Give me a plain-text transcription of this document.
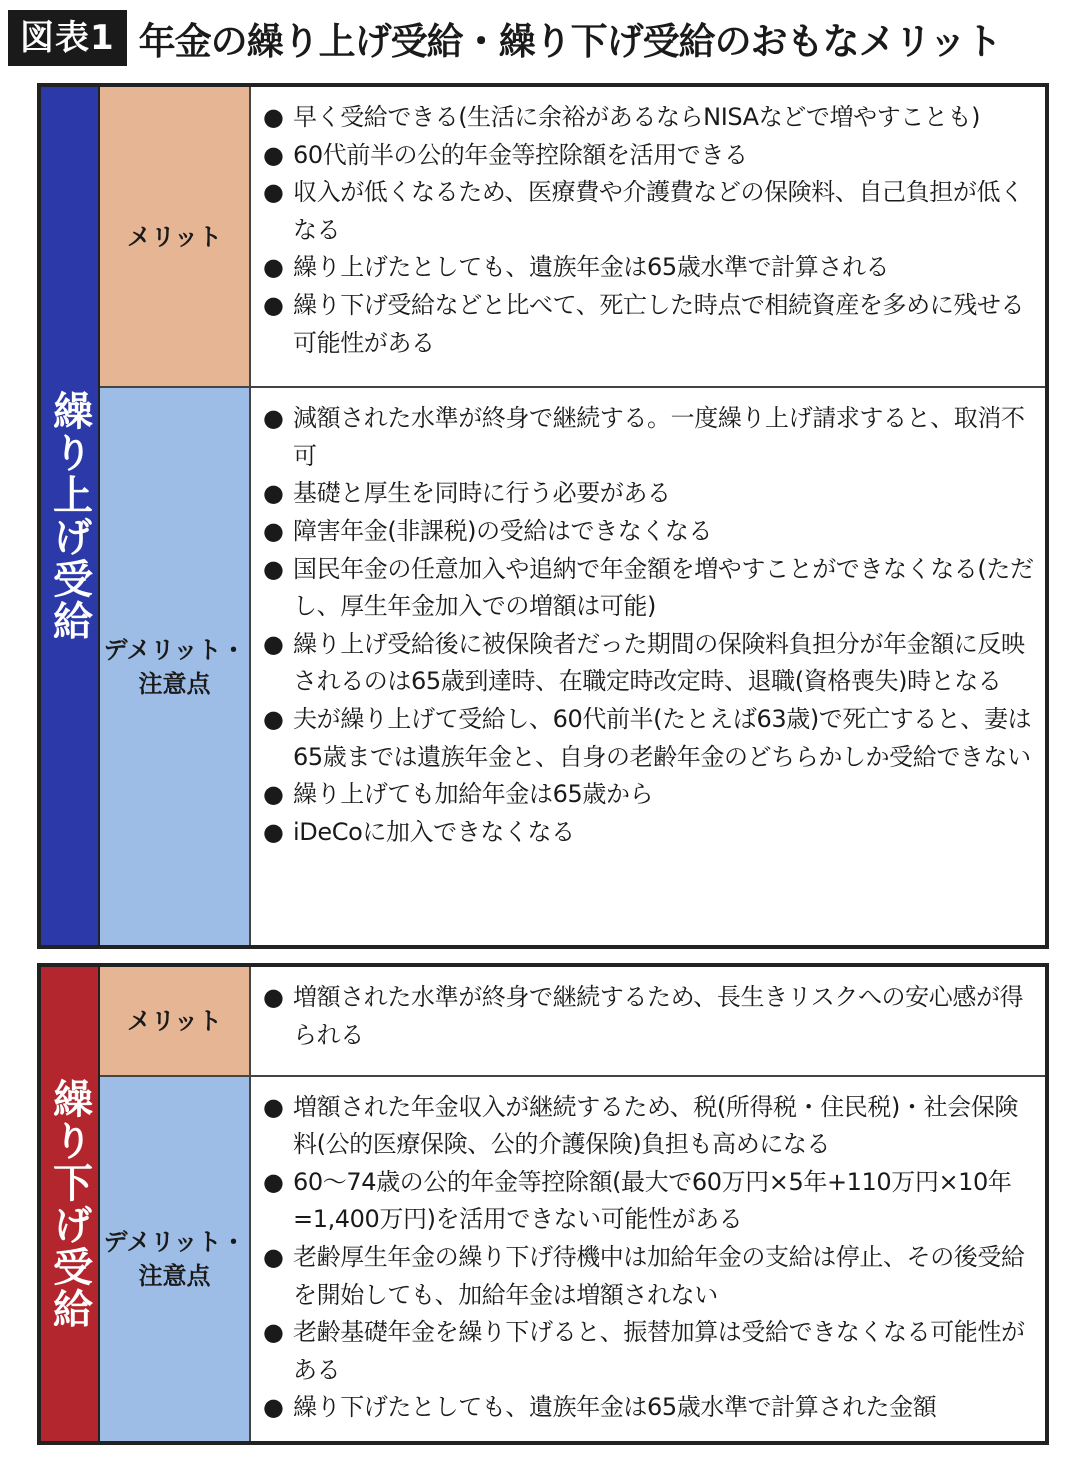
図表1 年金の繰り上げ受給・繰り下げ受給のおもなメリット
繰り上げ受給
メリット
● 早く受給できる(生活に余裕があるならNISAなどで増やすことも)
● 60代前半の公的年金等控除額を活用できる
● 収入が低くなるため、医療費や介護費などの保険料、自己負担が低くなる
● 繰り上げたとしても、遺族年金は65歳水準で計算される
● 繰り下げ受給などと比べて、死亡した時点で相続資産を多めに残せる可能性がある
デメリット・
注意点
● 減額された水準が終身で継続する。一度繰り上げ請求すると、取消不可
● 基礎と厚生を同時に行う必要がある
● 障害年金(非課税)の受給はできなくなる
● 国民年金の任意加入や追納で年金額を増やすことができなくなる(ただし、厚生年金加入での増額は可能)
● 繰り上げ受給後に被保険者だった期間の保険料負担分が年金額に反映されるのは65歳到達時、在職定時改定時、退職(資格喪失)時となる
● 夫が繰り上げて受給し、60代前半(たとえば63歳)で死亡すると、妻は65歳までは遺族年金と、自身の老齢年金のどちらかしか受給できない
● 繰り上げても加給年金は65歳から
● iDeCoに加入できなくなる
繰り下げ受給
メリット
● 増額された水準が終身で継続するため、長生きリスクへの安心感が得られる
デメリット・
注意点
● 増額された年金収入が継続するため、税(所得税・住民税)・社会保険料(公的医療保険、公的介護保険)負担も高めになる
● 60〜74歳の公的年金等控除額(最大で60万円×5年+110万円×10年=1,400万円)を活用できない可能性がある
● 老齢厚生年金の繰り下げ待機中は加給年金の支給は停止、その後受給を開始しても、加給年金は増額されない
● 老齢基礎年金を繰り下げると、振替加算は受給できなくなる可能性がある
● 繰り下げたとしても、遺族年金は65歳水準で計算された金額
